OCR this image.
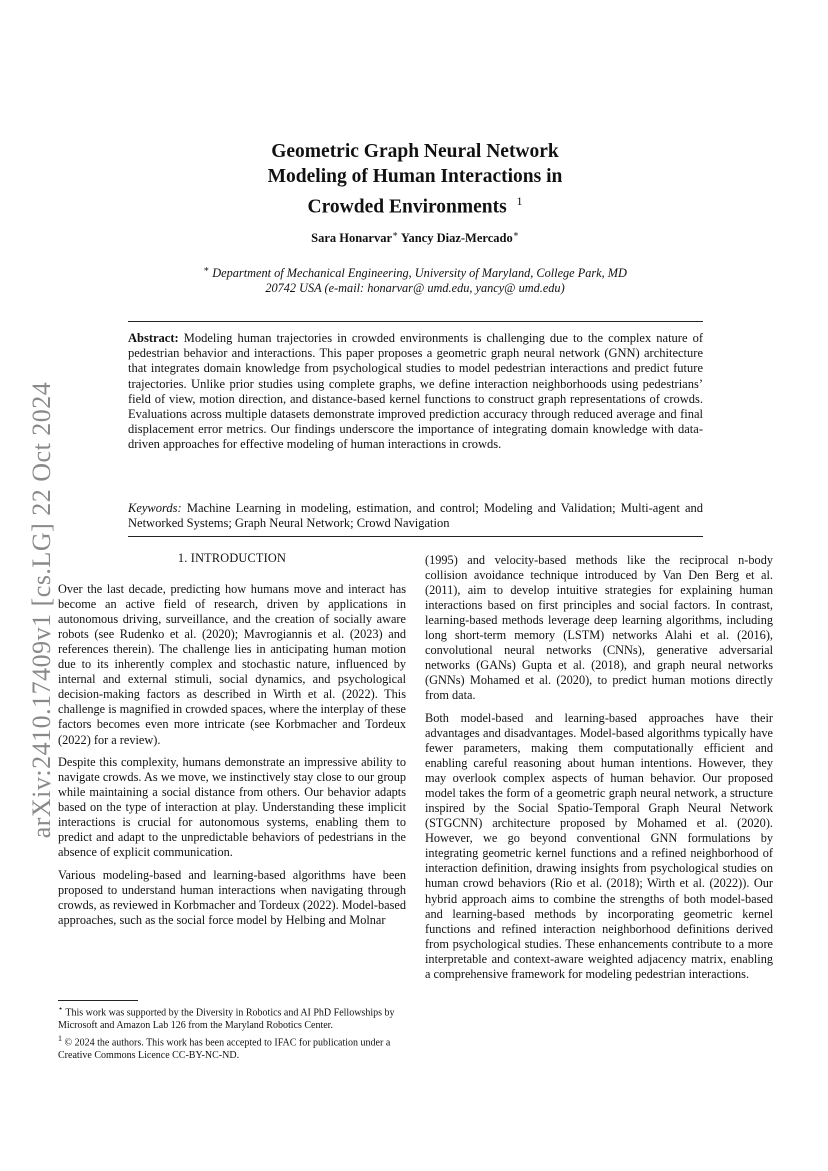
arXiv:2410.17409v1 [cs.LG] 22 Oct 2024
Geometric Graph Neural Network
Modeling of Human Interactions in
Crowded Environments $^1$
Sara Honarvar∗ Yancy Diaz-Mercado∗
∗ Department of Mechanical Engineering, University of Maryland, College Park, MD 20742 USA (e-mail: honarvar@ umd.edu, yancy@ umd.edu)
Abstract: Modeling human trajectories in crowded environments is challenging due to the complex nature of pedestrian behavior and interactions. This paper proposes a geometric graph neural network (GNN) architecture that integrates domain knowledge from psychological studies to model pedestrian interactions and predict future trajectories. Unlike prior studies using complete graphs, we define interaction neighborhoods using pedestrians’ field of view, motion direction, and distance-based kernel functions to construct graph representations of crowds. Evaluations across multiple datasets demonstrate improved prediction accuracy through reduced average and final displacement error metrics. Our findings underscore the importance of integrating domain knowledge with data-driven approaches for effective modeling of human interactions in crowds.
Keywords: Machine Learning in modeling, estimation, and control; Modeling and Validation; Multi-agent and Networked Systems; Graph Neural Network; Crowd Navigation
1. INTRODUCTION

Over the last decade, predicting how humans move and interact has become an active field of research, driven by applications in autonomous driving, surveillance, and the creation of socially aware robots (see Rudenko et al. (2020); Mavrogiannis et al. (2023) and references therein). The challenge lies in anticipating human motion due to its inherently complex and stochastic nature, influenced by internal and external stimuli, social dynamics, and psychological decision-making factors as described in Wirth et al. (2022). This challenge is magnified in crowded spaces, where the interplay of these factors becomes even more intricate (see Korbmacher and Tordeux (2022) for a review).

Despite this complexity, humans demonstrate an impressive ability to navigate crowds. As we move, we instinctively stay close to our group while maintaining a social distance from others. Our behavior adapts based on the type of interaction at play. Understanding these implicit interactions is crucial for autonomous systems, enabling them to predict and adapt to the unpredictable behaviors of pedestrians in the absence of explicit communication.

Various modeling-based and learning-based algorithms have been proposed to understand human interactions when navigating through crowds, as reviewed in Korbmacher and Tordeux (2022). Model-based approaches, such as the social force model by Helbing and Molnar

(1995) and velocity-based methods like the reciprocal n-body collision avoidance technique introduced by Van Den Berg et al. (2011), aim to develop intuitive strategies for explaining human interactions based on first principles and social factors. In contrast, learning-based methods leverage deep learning algorithms, including long short-term memory (LSTM) networks Alahi et al. (2016), convolutional neural networks (CNNs), generative adversarial networks (GANs) Gupta et al. (2018), and graph neural networks (GNNs) Mohamed et al. (2020), to predict human motions directly from data.

Both model-based and learning-based approaches have their advantages and disadvantages. Model-based algorithms typically have fewer parameters, making them computationally efficient and enabling careful reasoning about human intentions. However, they may overlook complex aspects of human behavior. Our proposed model takes the form of a geometric graph neural network, a structure inspired by the Social Spatio-Temporal Graph Neural Network (STGCNN) architecture proposed by Mohamed et al. (2020). However, we go beyond conventional GNN formulations by integrating geometric kernel functions and a refined neighborhood of interaction definition, drawing insights from psychological studies on human crowd behaviors (Rio et al. (2018); Wirth et al. (2022)). Our hybrid approach aims to combine the strengths of both model-based and learning-based methods by incorporating geometric kernel functions and refined interaction neighborhood definitions derived from psychological studies. These enhancements contribute to a more interpretable and context-aware weighted adjacency matrix, enabling a comprehensive framework for modeling pedestrian interactions.

⋆ This work was supported by the Diversity in Robotics and AI PhD Fellowships by Microsoft and Amazon Lab 126 from the Maryland Robotics Center.

$^1$ © 2024 the authors. This work has been accepted to IFAC for publication under a Creative Commons Licence CC-BY-NC-ND.
